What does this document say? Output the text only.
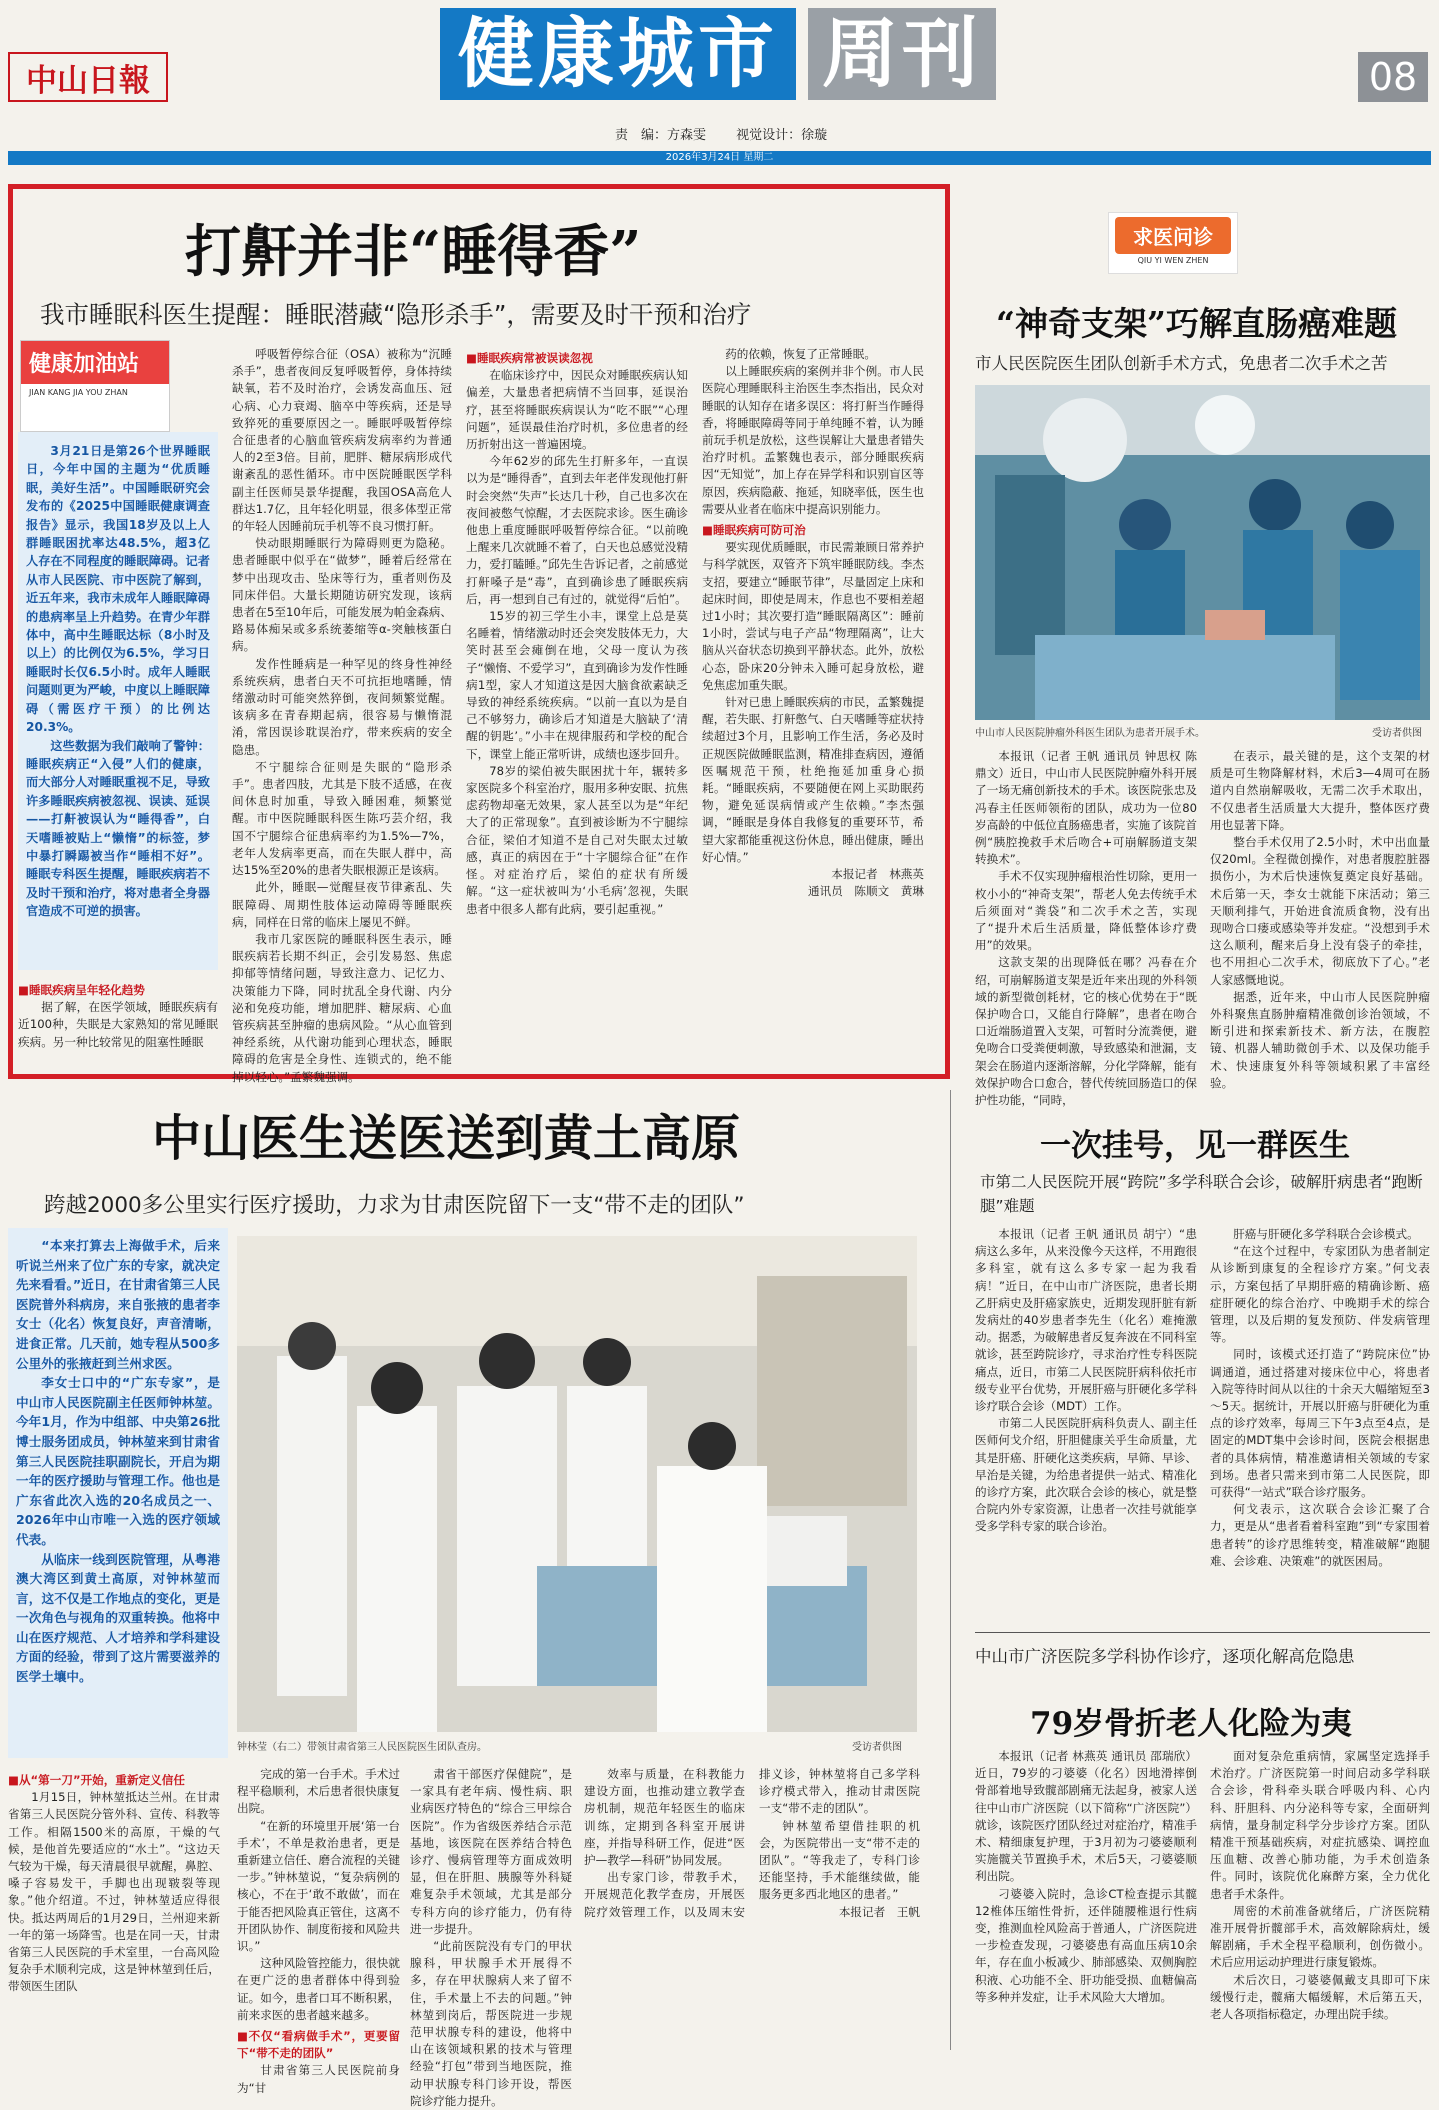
中山日報	健康城市 周刊	08
责　编：方森雯 视觉设计：徐璇
2026年3月24日 星期二
打鼾并非“睡得香”
我市睡眠科医生提醒：睡眠潜藏“隐形杀手”，需要及时干预和治疗
健康加油站
JIAN KANG JIA YOU ZHAN

3月21日是第26个世界睡眠日，今年中国的主题为“优质睡眠，美好生活”。中国睡眠研究会发布的《2025中国睡眠健康调查报告》显示，我国18岁及以上人群睡眠困扰率达48.5%，超3亿人存在不同程度的睡眠障碍。记者从市人民医院、市中医院了解到，近五年来，我市未成年人睡眠障碍的患病率呈上升趋势。在青少年群体中，高中生睡眠达标（8小时及以上）的比例仅为6.5%，学习日睡眠时长仅6.5小时。成年人睡眠问题则更为严峻，中度以上睡眠障碍（需医疗干预）的比例达20.3%。

这些数据为我们敲响了警钟：睡眠疾病正“入侵”人们的健康，而大部分人对睡眠重视不足，导致许多睡眠疾病被忽视、误读、延误——打鼾被误认为“睡得香”，白天嗜睡被贴上“懒惰”的标签，梦中暴打瞬踢被当作“睡相不好”。睡眠专科医生提醒，睡眠疾病若不及时干预和治疗，将对患者全身器官造成不可逆的损害。

■睡眠疾病呈年轻化趋势

据了解，在医学领域，睡眠疾病有近100种，失眠是大家熟知的常见睡眠疾病。另一种比较常见的阻塞性睡眠

呼吸暂停综合征（OSA）被称为“沉睡杀手”，患者夜间反复呼吸暂停，身体持续缺氧，若不及时治疗，会诱发高血压、冠心病、心力衰竭、脑卒中等疾病，还是导致猝死的重要原因之一。睡眠呼吸暂停综合征患者的心脑血管疾病发病率约为普通人的2至3倍。目前，肥胖、糖尿病形成代谢紊乱的恶性循环。市中医院睡眠医学科副主任医师吴景华提醒，我国OSA高危人群达1.7亿，且年轻化明显，很多体型正常的年轻人因睡前玩手机等不良习惯打鼾。

快动眼期睡眠行为障碍则更为隐秘。患者睡眠中似乎在“做梦”，睡着后经常在梦中出现攻击、坠床等行为，重者则伤及同床伴侣。大量长期随访研究发现，该病患者在5至10年后，可能发展为帕金森病、路易体痴呆或多系统萎缩等α-突触核蛋白病。

发作性睡病是一种罕见的终身性神经系统疾病，患者白天不可抗拒地嗜睡，情绪激动时可能突然猝倒，夜间频繁觉醒。该病多在青春期起病，很容易与懒惰混淆，常因误诊耽误治疗，带来疾病的安全隐患。

不宁腿综合征则是失眠的“隐形杀手”。患者四肢，尤其是下肢不适感，在夜间休息时加重，导致入睡困难，频繁觉醒。市中医院睡眠科医生陈巧芸介绍，我国不宁腿综合征患病率约为1.5%—7%，老年人发病率更高，而在失眠人群中，高达15%至20%的患者失眠根源正是该病。

此外，睡眠—觉醒昼夜节律紊乱、失眠障碍、周期性肢体运动障碍等睡眠疾病，同样在日常的临床上屡见不鲜。

我市几家医院的睡眠科医生表示，睡眠疾病若长期不纠正，会引发易怒、焦虑抑郁等情绪问题，导致注意力、记忆力、决策能力下降，同时扰乱全身代谢、内分泌和免疫功能，增加肥胖、糖尿病、心血管疾病甚至肿瘤的患病风险。“从心血管到神经系统，从代谢功能到心理状态，睡眠障碍的危害是全身性、连锁式的，绝不能掉以轻心。”孟繁魏强调。

■睡眠疾病常被误读忽视

在临床诊疗中，因民众对睡眠疾病认知偏差，大量患者把病情不当回事，延误治疗，甚至将睡眠疾病误认为“吃不眠”“心理问题”，延误最佳治疗时机，多位患者的经历折射出这一普遍困境。

今年62岁的邱先生打鼾多年，一直误以为是“睡得香”，直到去年老伴发现他打鼾时会突然“失声”长达几十秒，自己也多次在夜间被憋气惊醒，才去医院求诊。医生确诊他患上重度睡眠呼吸暂停综合征。“以前晚上醒来几次就睡不着了，白天也总感觉没精力，爱打瞌睡。”邱先生告诉记者，之前感觉打鼾嗓子是“毒”，直到确诊患了睡眠疾病后，再一想到自己有过的，就觉得“后怕”。

15岁的初三学生小丰，课堂上总是莫名睡着，情绪激动时还会突发肢体无力，大笑时甚至会瘫倒在地，父母一度认为孩子“懒惰、不爱学习”，直到确诊为发作性睡病1型，家人才知道这是因大脑食欲素缺乏导致的神经系统疾病。“以前一直以为是自己不够努力，确诊后才知道是大脑缺了‘清醒的钥匙’。”小丰在规律服药和学校的配合下，课堂上能正常听讲，成绩也逐步回升。

78岁的梁伯被失眠困扰十年，辗转多家医院多个科室治疗，服用多种安眠、抗焦虑药物却毫无效果，家人甚至以为是“年纪大了的正常现象”。直到被诊断为不宁腿综合征，梁伯才知道不是自己对失眠太过敏感，真正的病因在于“十字腿综合征”在作怪。对症治疗后，梁伯的症状有所缓解。“这一症状被叫为‘小毛病’忽视，失眠患者中很多人都有此病，要引起重视。”

药的依赖，恢复了正常睡眠。

以上睡眠疾病的案例并非个例。市人民医院心理睡眠科主治医生李杰指出，民众对睡眠的认知存在诸多误区：将打鼾当作睡得香，将睡眠障碍等同于单纯睡不着，认为睡前玩手机是放松，这些误解让大量患者错失治疗时机。孟繁魏也表示，部分睡眠疾病因“无知觉”，加上存在异学科和识别盲区等原因，疾病隐蔽、拖延，知晓率低，医生也需要从业者在临床中提高识别能力。

■睡眠疾病可防可治

要实现优质睡眠，市民需兼顾日常养护与科学就医，双管齐下筑牢睡眠防线。李杰支招，要建立“睡眠节律”，尽量固定上床和起床时间，即使是周末，作息也不要相差超过1小时；其次要打造“睡眠隔离区”：睡前1小时，尝试与电子产品“物理隔离”，让大脑从兴奋状态切换到平静状态。此外，放松心态，卧床20分钟未入睡可起身放松，避免焦虑加重失眠。

针对已患上睡眠疾病的市民，孟繁魏提醒，若失眠、打鼾憋气、白天嗜睡等症状持续超过3个月，且影响工作生活，务必及时正规医院做睡眠监测，精准排查病因，遵循医嘱规范干预，杜绝拖延加重身心损耗。“睡眠疾病，不要随便在网上买助眠药物，避免延误病情或产生依赖。”李杰强调，“睡眠是身体自我修复的重要环节，希望大家都能重视这份休息，睡出健康，睡出好心情。”

本报记者　林燕英

通讯员　陈顺文　黄琳

求医问诊
QIU YI WEN ZHEN
“神奇支架”巧解直肠癌难题
市人民医院医生团队创新手术方式，免患者二次手术之苦
中山市人民医院肿瘤外科医生团队为患者开展手术。	受访者供图

本报讯（记者 王帆 通讯员 钟思权 陈鼎文）近日，中山市人民医院肿瘤外科开展了一场无痛创新技术的手术。该医院张忠及冯春主任医师领衔的团队，成功为一位80岁高龄的中低位直肠癌患者，实施了该院首例“胰腔挽救手术后吻合+可崩解肠道支架转换术”。

手术不仅实现肿瘤根治性切除，更用一枚小小的“神奇支架”，帮老人免去传统手术后须面对“粪袋”和二次手术之苦，实现了“提升术后生活质量，降低整体诊疗费用”的效果。

这款支架的出现降低在哪？冯春在介绍，可崩解肠道支架是近年来出现的外科领域的新型微创耗材，它的核心优势在于“既保护吻合口，又能自行降解”，患者在吻合口近端肠道置入支架，可暂时分流粪便，避免吻合口受粪便刺激，导致感染和泄漏，支架会在肠道内逐渐溶解，分化学降解，能有效保护吻合口愈合，替代传统回肠造口的保护性功能，“同時，

在表示，最关键的是，这个支架的材质是可生物降解材料，术后3—4周可在肠道内自然崩解吸收，无需二次手术取出，不仅患者生活质量大大提升，整体医疗费用也显著下降。

整台手术仅用了2.5小时，术中出血量仅20ml。全程微创操作，对患者腹腔脏器损伤小，为术后快速恢复奠定良好基础。术后第一天，李女士就能下床活动；第三天顺利排气，开始进食流质食物，没有出现吻合口瘘或感染等并发症。“没想到手术这么顺利，醒来后身上没有袋子的牵挂，也不用担心二次手术，彻底放下了心。”老人家感慨地说。

据悉，近年来，中山市人民医院肿瘤外科聚焦直肠肿瘤精准微创诊治领域，不断引进和探索新技术、新方法，在腹腔镜、机器人辅助微创手术、以及保功能手术、快速康复外科等领域积累了丰富经验。

中山医生送医送到黄土高原
跨越2000多公里实行医疗援助，力求为甘肃医院留下一支“带不走的团队”

“本来打算去上海做手术，后来听说兰州来了位广东的专家，就决定先来看看。”近日，在甘肃省第三人民医院普外科病房，来自张掖的患者李女士（化名）恢复良好，声音清晰，进食正常。几天前，她专程从500多公里外的张掖赶到兰州求医。

李女士口中的“广东专家”，是中山市人民医院副主任医师钟林堃。今年1月，作为中组部、中央第26批博士服务团成员，钟林堃来到甘肃省第三人民医院挂职副院长，开启为期一年的医疗援助与管理工作。他也是广东省此次入选的20名成员之一、2026年中山市唯一入选的医疗领域代表。

从临床一线到医院管理，从粤港澳大湾区到黄土高原，对钟林堃而言，这不仅是工作地点的变化，更是一次角色与视角的双重转换。他将中山在医疗规范、人才培养和学科建设方面的经验，带到了这片需要滋养的医学土壤中。

钟林莹（右二）带领甘肃省第三人民医院医生团队查房。	受访者供图

■从“第一刀”开始，重新定义信任

1月15日，钟林堃抵达兰州。在甘肃省第三人民医院分管外科、宣传、科教等工作。相隔1500米的高原，干燥的气候，是他首先要适应的“水土”。“这边天气较为干燥，每天清晨很早就醒，鼻腔、嗓子容易发干，手脚也出现皲裂等现象。”他介绍道。不过，钟林堃适应得很快。抵达两周后的1月29日，兰州迎来新一年的第一场降雪。也是在同一天，甘肃省第三人民医院的手术室里，一台高风险复杂手术顺利完成，这是钟林堃到任后，带领医生团队

完成的第一台手术。手术过程平稳顺利，术后患者很快康复出院。

“在新的环境里开展‘第一台手术’，不单是救治患者，更是重新建立信任、磨合流程的关键一步。”钟林堃说，“复杂病例的核心，不在于‘敢不敢做’，而在于能否把风险真正管住，这离不开团队协作、制度衔接和风险共识。”

这种风险管控能力，很快就在更广泛的患者群体中得到验证。如今，患者口耳不断积累，前来求医的患者越来越多。

■不仅“看病做手术”，更要留下“带不走的团队”

甘肃省第三人民医院前身为“甘

肃省干部医疗保健院”，是一家具有老年病、慢性病、职业病医疗特色的“综合三甲综合医院”。作为省级医养结合示范基地，该医院在医养结合特色诊疗、慢病管理等方面成效明显，但在肝胆、胰腺等外科疑难复杂手术领域，尤其是部分专科方向的诊疗能力，仍有待进一步提升。

“此前医院没有专门的甲状腺科，甲状腺手术开展得不多，存在甲状腺病人来了留不住，手术量上不去的问题。”钟林堃到岗后，帮医院进一步规范甲状腺专科的建设，他将中山在该领域积累的技术与管理经验“打包”带到当地医院，推动甲状腺专科门诊开设，帮医院诊疗能力提升。

效率与质量，在科教能力建设方面，也推动建立教学查房机制，规范年轻医生的临床训练，定期到各科室开展讲座，并指导科研工作，促进“医护—教学—科研”协同发展。

出专家门诊，带教手术，开展规范化教学查房，开展医院疗效管理工作，以及周末安排义诊，钟林堃将自己多学科诊疗模式带入，推动甘肃医院一支“带不走的团队”。

钟林堃希望借挂职的机会，为医院带出一支“带不走的团队”。“等我走了，专科门诊还能坚持，手术能继续做，能服务更多西北地区的患者。”

本报记者　王帆

一次挂号，见一群医生
市第二人民医院开展“跨院”多学科联合会诊，破解肝病患者“跑断腿”难题

本报讯（记者 王帆 通讯员 胡宁）“患病这么多年，从来没像今天这样，不用跑很多科室，就有这么多专家一起为我看病！”近日，在中山市广济医院，患者长期乙肝病史及肝癌家族史，近期发现肝脏有新发病灶的40岁患者李先生（化名）难掩激动。据悉，为破解患者反复奔波在不同科室就诊，甚至跨院诊疗，寻求治疗性专科医院痛点，近日，市第二人民医院肝病科依托市级专业平台优势，开展肝癌与肝硬化多学科诊疗联合会诊（MDT）工作。

市第二人民医院肝病科负责人、副主任医师何戈介绍，肝胆健康关乎生命质量，尤其是肝癌、肝硬化这类疾病，早筛、早诊、早治是关键，为给患者提供一站式、精准化的诊疗方案，此次联合会诊的核心，就是整合院内外专家资源，让患者一次挂号就能享受多学科专家的联合诊治。

肝癌与肝硬化多学科联合会诊模式。

“在这个过程中，专家团队为患者制定从诊断到康复的全程诊疗方案。”何戈表示，方案包括了早期肝癌的精确诊断、癌症肝硬化的综合治疗、中晚期手术的综合管理，以及后期的复发预防、伴发病管理等。

同时，该模式还打造了“跨院床位”协调通道，通过搭建对接床位中心，将患者入院等待时间从以往的十余天大幅缩短至3～5天。据统计，开展以肝癌与肝硬化为重点的诊疗效率，每周三下午3点至4点，是固定的MDT集中会诊时间，医院会根据患者的具体病情，精准邀请相关领域的专家到场。患者只需来到市第二人民医院，即可获得“一站式”联合诊疗服务。

何戈表示，这次联合会诊汇聚了合力，更是从“患者看着科室跑”到“专家围着患者转”的诊疗思维转变，精准破解“跑腿难、会诊难、决策难”的就医困局。

中山市广济医院多学科协作诊疗，逐项化解高危隐患
79岁骨折老人化险为夷

本报讯（记者 林燕英 通讯员 邵瑞欣）近日，79岁的刁婆婆（化名）因地滑摔倒骨部着地导致髋部剧痛无法起身，被家人送往中山市广济医院（以下简称“广济医院”）就诊，该院医疗团队经过对症治疗，精准手术、精细康复护理，于3月初为刁婆婆顺利实施髋关节置换手术，术后5天，刁婆婆顺利出院。

刁婆婆入院时，急诊CT检查提示其髋12椎体压缩性骨折，还伴随腰椎退行性病变，推测血栓风险高于普通人，广济医院进一步检查发现，刁婆婆患有高血压病10余年，存在血小板减少、肺部感染、双侧胸腔积液、心功能不全、肝功能受损、血糖偏高等多种并发症，让手术风险大大增加。

面对复杂危重病情，家属坚定选择手术治疗。广济医院第一时间启动多学科联合会诊，骨科牵头联合呼吸内科、心内科、肝胆科、内分泌科等专家，全面研判病情，量身制定科学分步诊疗方案。团队精准干预基础疾病，对症抗感染、调控血压血糖、改善心肺功能，为手术创造条件。同时，该院优化麻醉方案，全力优化患者手术条件。

周密的术前准备就绪后，广济医院精准开展骨折髋部手术，高效解除病灶，缓解剧痛，手术全程平稳顺利，创伤微小。术后应用运动护理进行康复锻炼。

术后次日，刁婆婆佩戴支具即可下床缓慢行走，髋痛大幅缓解，术后第五天，老人各项指标稳定，办理出院手续。
